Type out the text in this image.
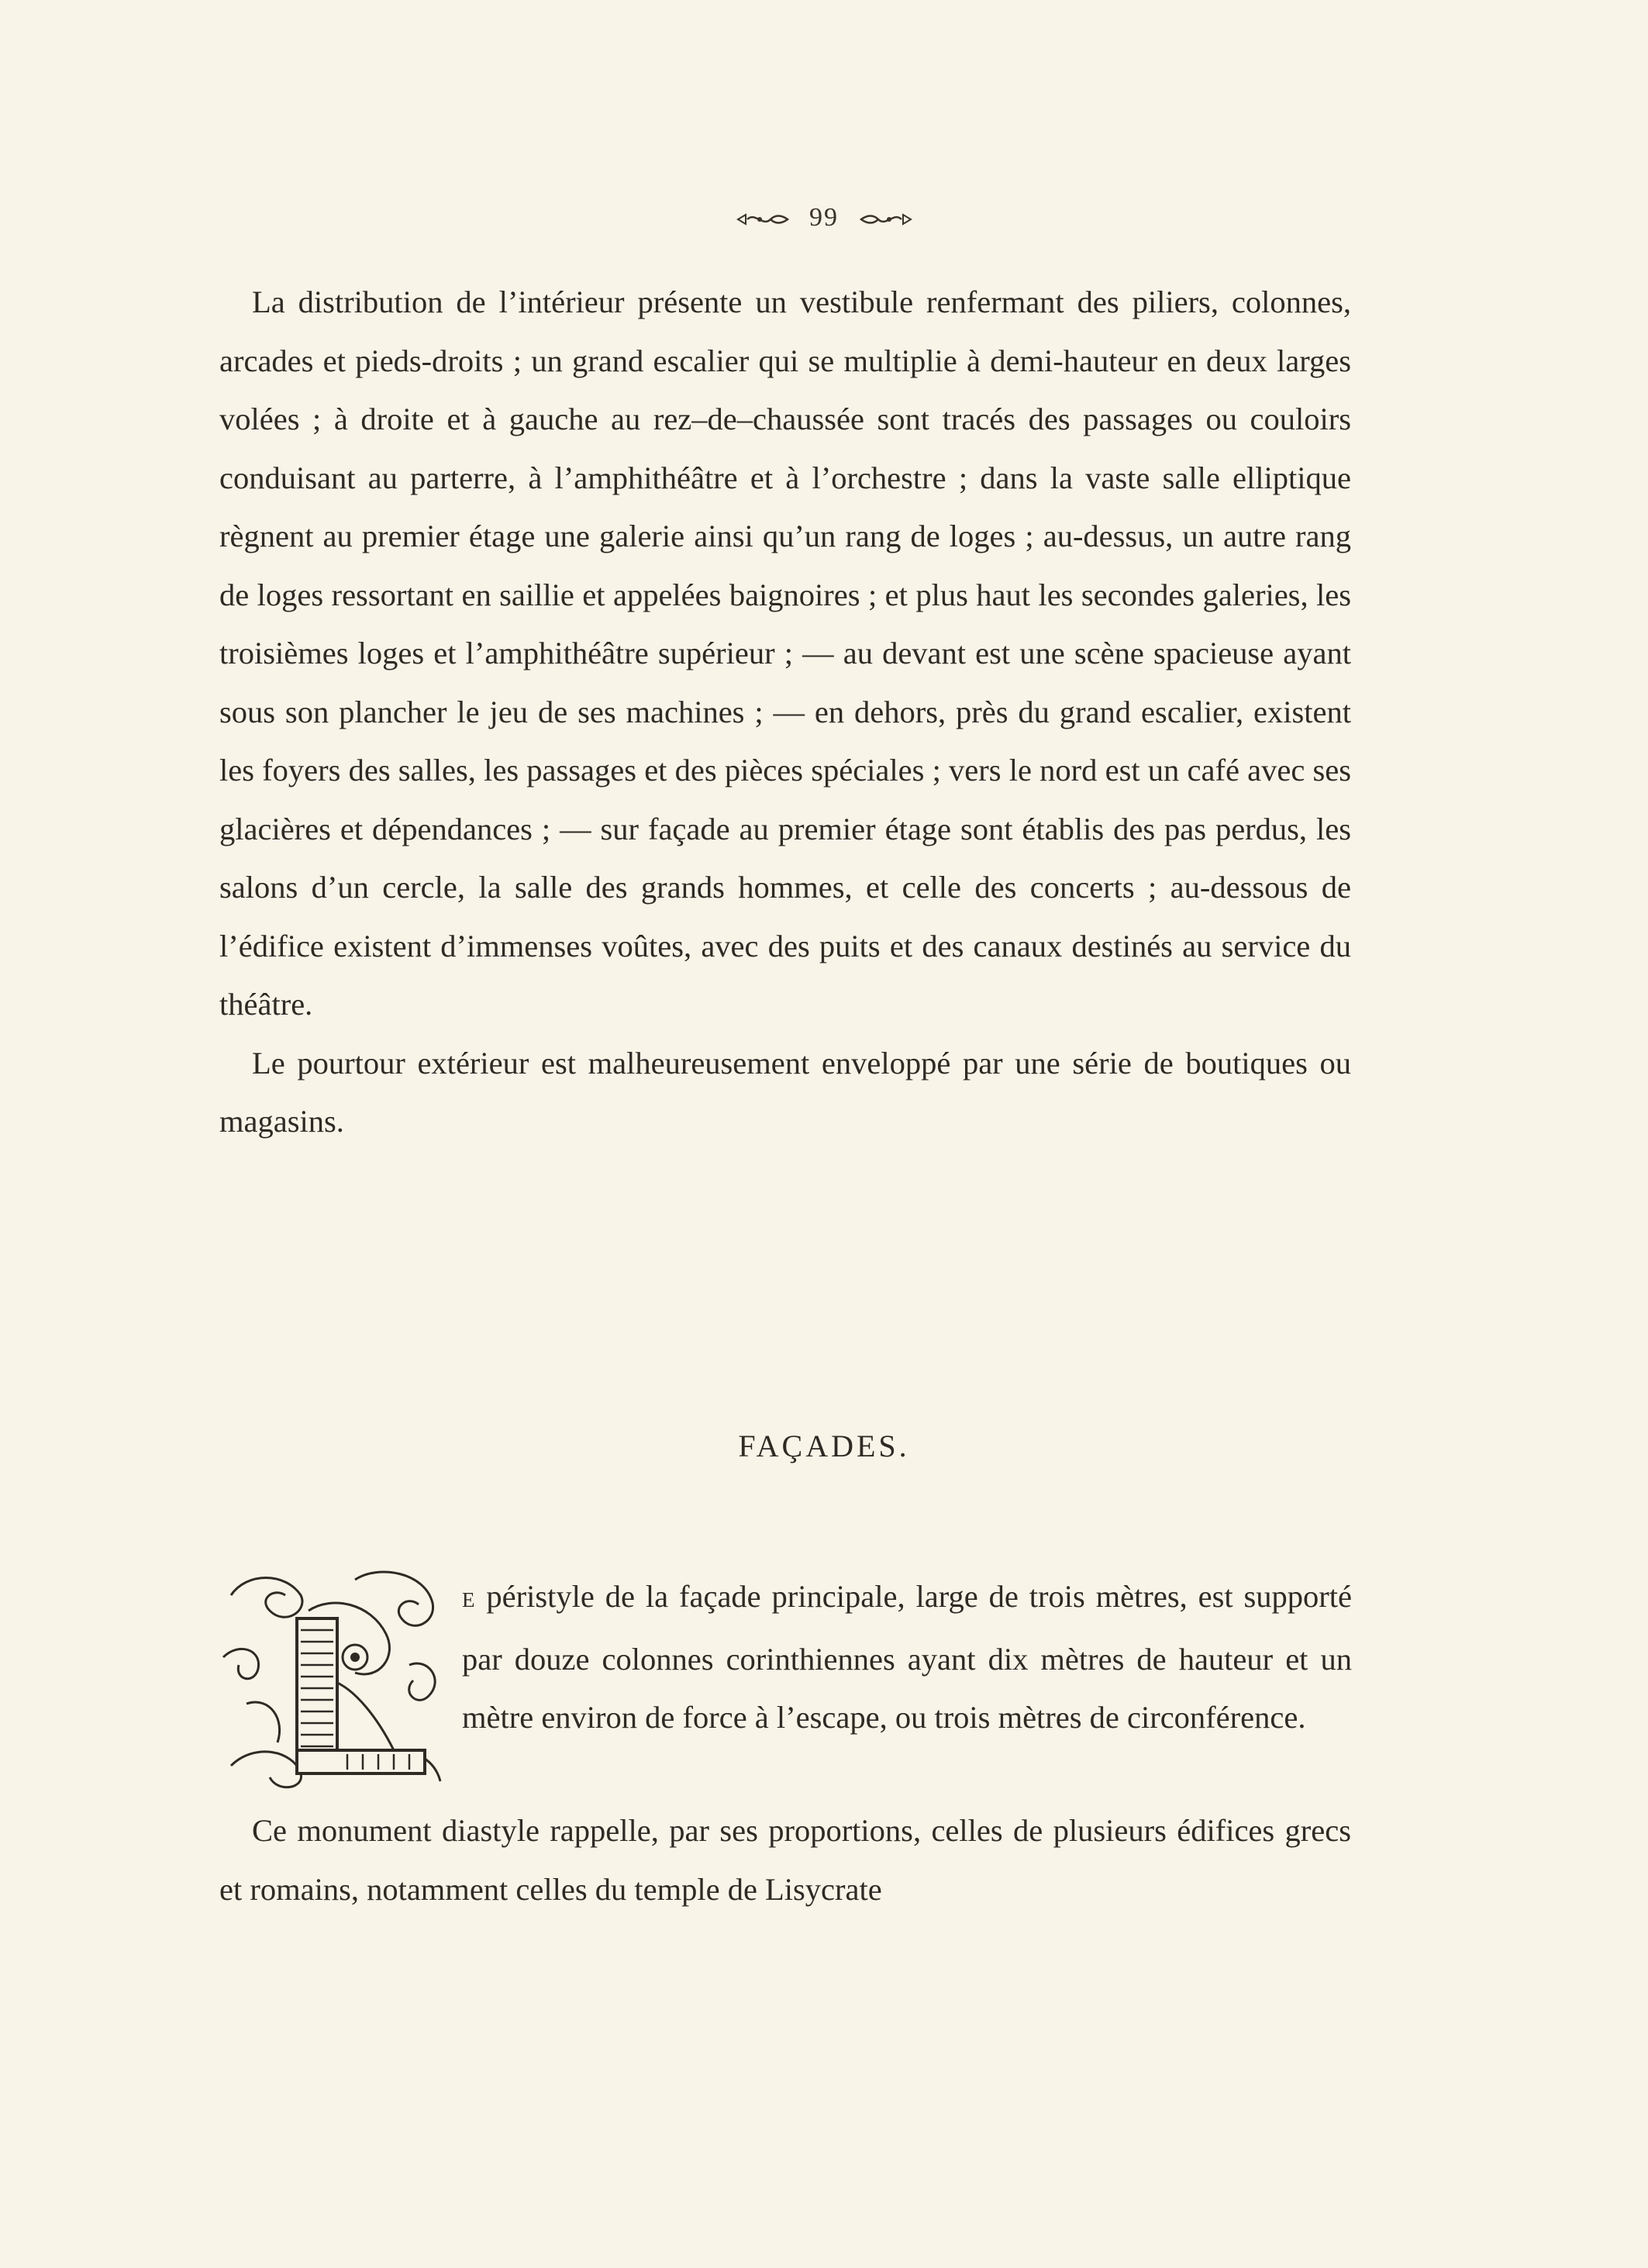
99

La distribution de l’intérieur présente un vestibule renfermant des piliers, colonnes, arcades et pieds-droits ; un grand escalier qui se multiplie à demi-hauteur en deux larges volées ; à droite et à gauche au rez–de–chaussée sont tracés des passages ou couloirs conduisant au parterre, à l’amphithéâtre et à l’orchestre ; dans la vaste salle elliptique règnent au premier étage une galerie ainsi qu’un rang de loges ; au-dessus, un autre rang de loges ressortant en saillie et appelées baignoires ; et plus haut les secondes galeries, les troisièmes loges et l’amphithéâtre supérieur ; — au devant est une scène spacieuse ayant sous son plancher le jeu de ses machines ; — en dehors, près du grand escalier, existent les foyers des salles, les passages et des pièces spéciales ; vers le nord est un café avec ses glacières et dépendances ; — sur façade au premier étage sont établis des pas perdus, les salons d’un cercle, la salle des grands hommes, et celle des concerts ; au-dessous de l’édifice existent d’immenses voûtes, avec des puits et des canaux destinés au service du théâtre.

Le pourtour extérieur est malheureusement enveloppé par une série de boutiques ou magasins.

FAÇADES.

E péristyle de la façade principale, large de trois mètres, est supporté par douze colonnes corinthiennes ayant dix mètres de hauteur et un mètre environ de force à l’escape, ou trois mètres de circonférence.

Ce monument diastyle rappelle, par ses proportions, celles de plusieurs édifices grecs et romains, notamment celles du temple de Lisycrate
